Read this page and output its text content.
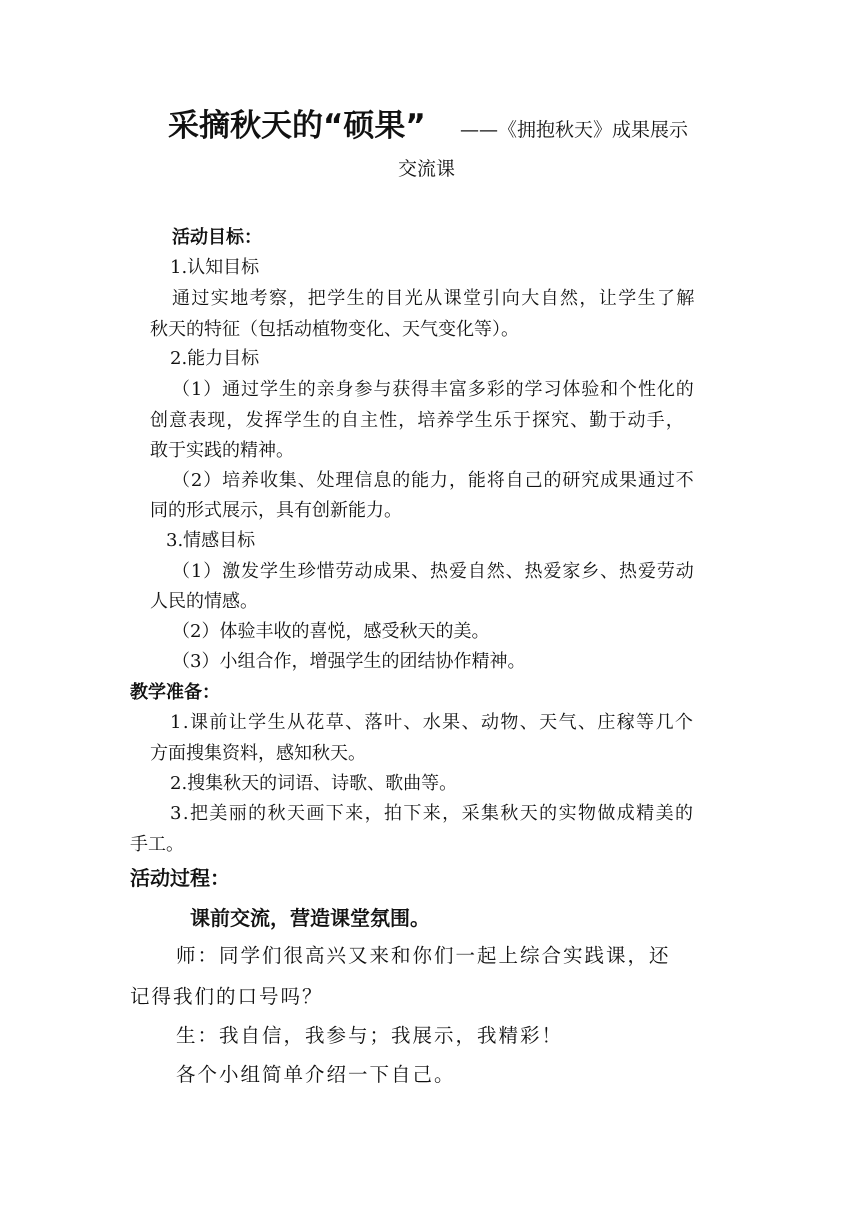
采摘秋天的“硕果” ——《拥抱秋天》成果展示
交流课
活动目标：
1.认知目标
通过实地考察，把学生的目光从课堂引向大自然，让学生了解
秋天的特征（包括动植物变化、天气变化等）。
2.能力目标
（1）通过学生的亲身参与获得丰富多彩的学习体验和个性化的
创意表现，发挥学生的自主性，培养学生乐于探究、勤于动手，
敢于实践的精神。
（2）培养收集、处理信息的能力，能将自己的研究成果通过不
同的形式展示，具有创新能力。
3.情感目标
（1）激发学生珍惜劳动成果、热爱自然、热爱家乡、热爱劳动
人民的情感。
（2）体验丰收的喜悦，感受秋天的美。
（3）小组合作，增强学生的团结协作精神。
教学准备：
1.课前让学生从花草、落叶、水果、动物、天气、庄稼等几个
方面搜集资料，感知秋天。
2.搜集秋天的词语、诗歌、歌曲等。
3.把美丽的秋天画下来，拍下来，采集秋天的实物做成精美的
手工。
活动过程：
课前交流，营造课堂氛围。
师：同学们很高兴又来和你们一起上综合实践课，还
记得我们的口号吗？
生：我自信，我参与；我展示，我精彩！
各个小组简单介绍一下自己。
